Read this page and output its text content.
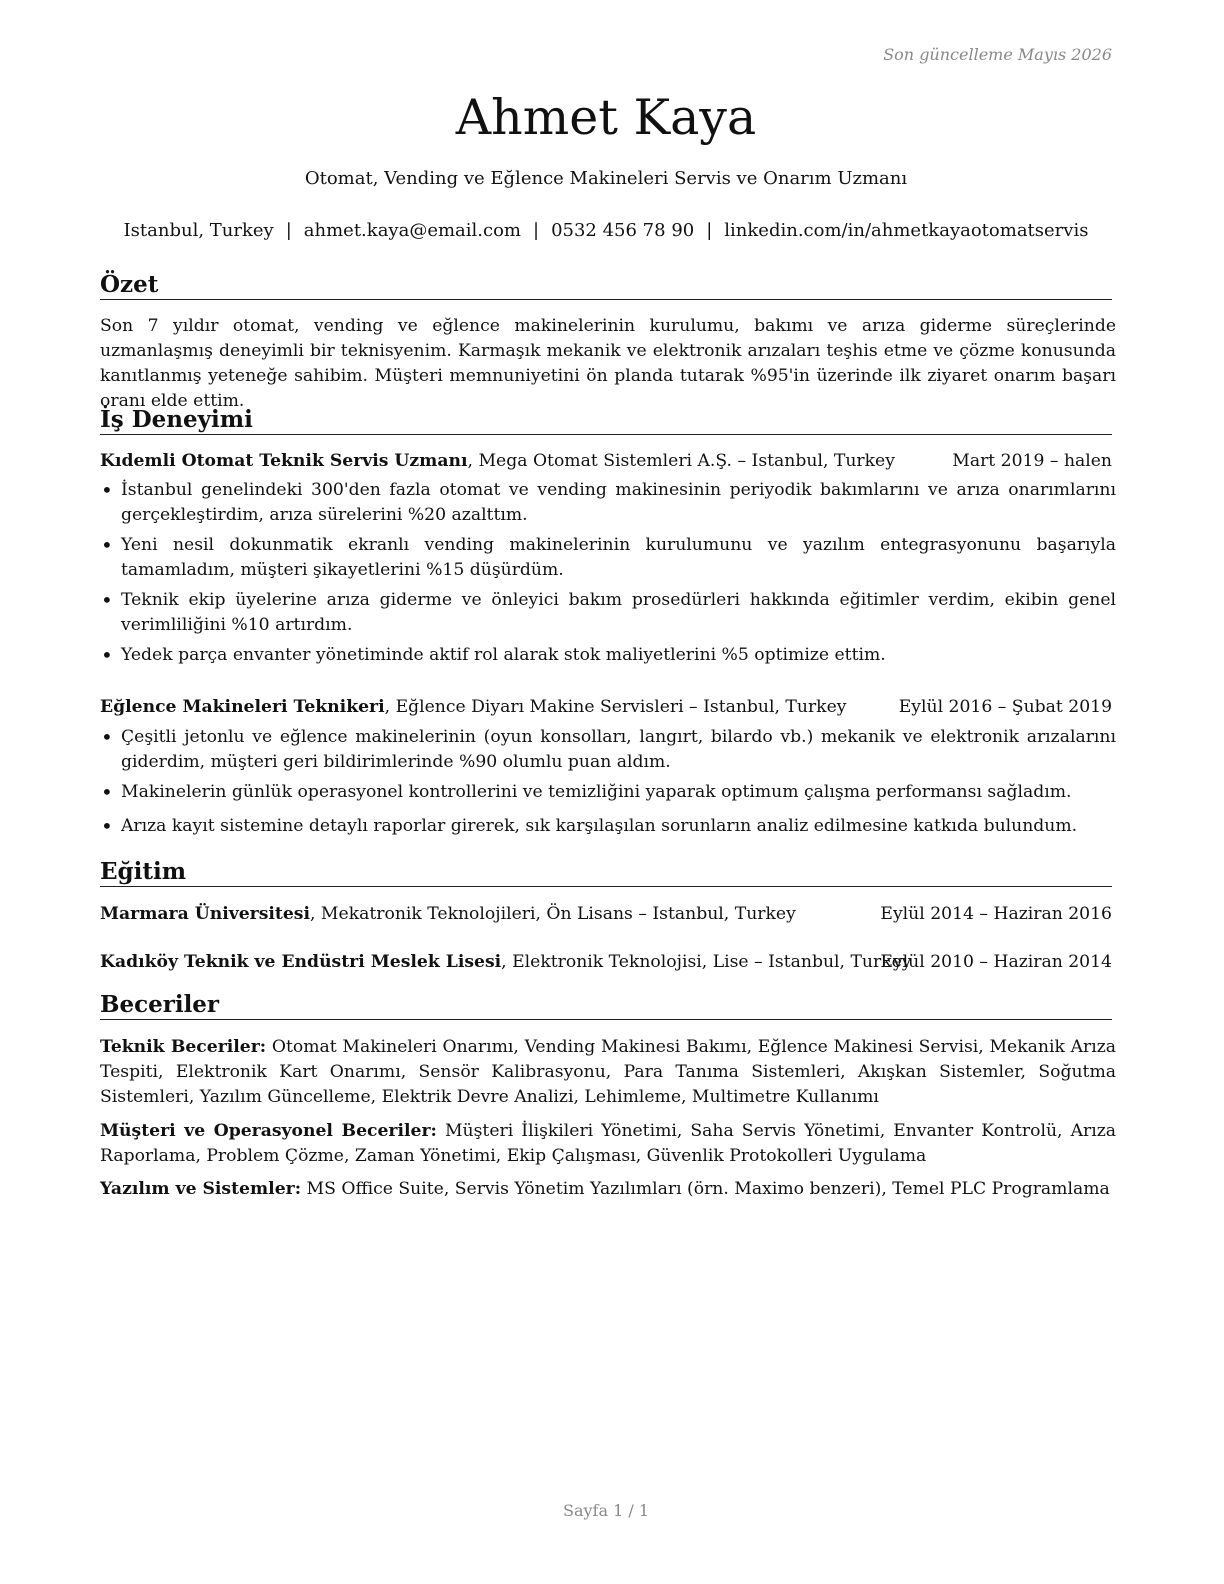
Son güncelleme Mayıs 2026
Ahmet Kaya
Otomat, Vending ve Eğlence Makineleri Servis ve Onarım Uzmanı
Istanbul, Turkey | ahmet.kaya@email.com | 0532 456 78 90 | linkedin.com/in/ahmetkayaotomatservis
Özet
Son 7 yıldır otomat, vending ve eğlence makinelerinin kurulumu, bakımı ve arıza giderme süreçlerinde uzmanlaşmış deneyimli bir teknisyenim. Karmaşık mekanik ve elektronik arızaları teşhis etme ve çözme konusunda kanıtlanmış yeteneğe sahibim. Müşteri memnuniyetini ön planda tutarak %95'in üzerinde ilk ziyaret onarım başarı oranı elde ettim.
İş Deneyimi
Kıdemli Otomat Teknik Servis Uzmanı, Mega Otomat Sistemleri A.Ş. – Istanbul, Turkey	Mart 2019 – halen
• İstanbul genelindeki 300'den fazla otomat ve vending makinesinin periyodik bakımlarını ve arıza onarımlarını gerçekleştirdim, arıza sürelerini %20 azalttım.
• Yeni nesil dokunmatik ekranlı vending makinelerinin kurulumunu ve yazılım entegrasyonunu başarıyla tamamladım, müşteri şikayetlerini %15 düşürdüm.
• Teknik ekip üyelerine arıza giderme ve önleyici bakım prosedürleri hakkında eğitimler verdim, ekibin genel verimliliğini %10 artırdım.
• Yedek parça envanter yönetiminde aktif rol alarak stok maliyetlerini %5 optimize ettim.
Eğlence Makineleri Teknikeri, Eğlence Diyarı Makine Servisleri – Istanbul, Turkey	Eylül 2016 – Şubat 2019
• Çeşitli jetonlu ve eğlence makinelerinin (oyun konsolları, langırt, bilardo vb.) mekanik ve elektronik arızalarını giderdim, müşteri geri bildirimlerinde %90 olumlu puan aldım.
• Makinelerin günlük operasyonel kontrollerini ve temizliğini yaparak optimum çalışma performansı sağladım.
• Arıza kayıt sistemine detaylı raporlar girerek, sık karşılaşılan sorunların analiz edilmesine katkıda bulundum.
Eğitim
Marmara Üniversitesi, Mekatronik Teknolojileri, Ön Lisans – Istanbul, Turkey	Eylül 2014 – Haziran 2016
Kadıköy Teknik ve Endüstri Meslek Lisesi, Elektronik Teknolojisi, Lise – Istanbul, Turkey
Eylül 2010 – Haziran 2014
Beceriler
Teknik Beceriler: Otomat Makineleri Onarımı, Vending Makinesi Bakımı, Eğlence Makinesi Servisi, Mekanik Arıza Tespiti, Elektronik Kart Onarımı, Sensör Kalibrasyonu, Para Tanıma Sistemleri, Akışkan Sistemler, Soğutma Sistemleri, Yazılım Güncelleme, Elektrik Devre Analizi, Lehimleme, Multimetre Kullanımı
Müşteri ve Operasyonel Beceriler: Müşteri İlişkileri Yönetimi, Saha Servis Yönetimi, Envanter Kontrolü, Arıza Raporlama, Problem Çözme, Zaman Yönetimi, Ekip Çalışması, Güvenlik Protokolleri Uygulama
Yazılım ve Sistemler: MS Office Suite, Servis Yönetim Yazılımları (örn. Maximo benzeri), Temel PLC Programlama
Sayfa 1 / 1
